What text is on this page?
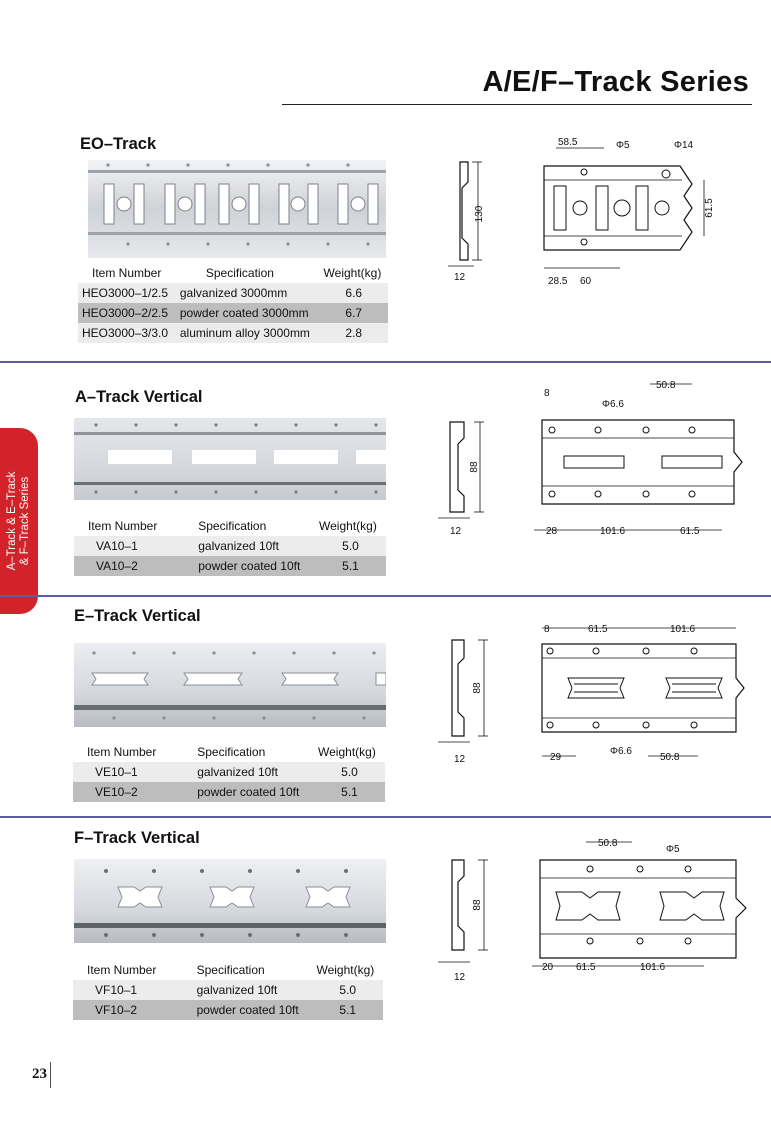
A/E/F–Track Series
A–Track & E–Track & F–Track Series
EO–Track
Item Number	Specification	Weight(kg)
HEO3000–1/2.5	galvanized 3000mm	6.6
HEO3000–2/2.5	powder coated 3000mm	6.7
HEO3000–3/3.0	aluminum alloy 3000mm	2.8
130
12
58.5	Φ5	Φ14
61.5
28.5 60
A–Track Vertical
Item Number	Specification	Weight(kg)
VA10–1	galvanized 10ft	5.0
VA10–2	powder coated 10ft	5.1
88
12
8
Φ6.6
50.8
28	101.6	61.5
E–Track Vertical
Item Number	Specification	Weight(kg)
VE10–1	galvanized 10ft	5.0
VE10–2	powder coated 10ft	5.1
88
12
8	61.5	101.6
29
Φ6.6
50.8
F–Track Vertical
Item Number	Specification	Weight(kg)
VF10–1	galvanized 10ft	5.0
VF10–2	powder coated 10ft	5.1
88
12
50.8
Φ5
20 61.5	101.6
23
